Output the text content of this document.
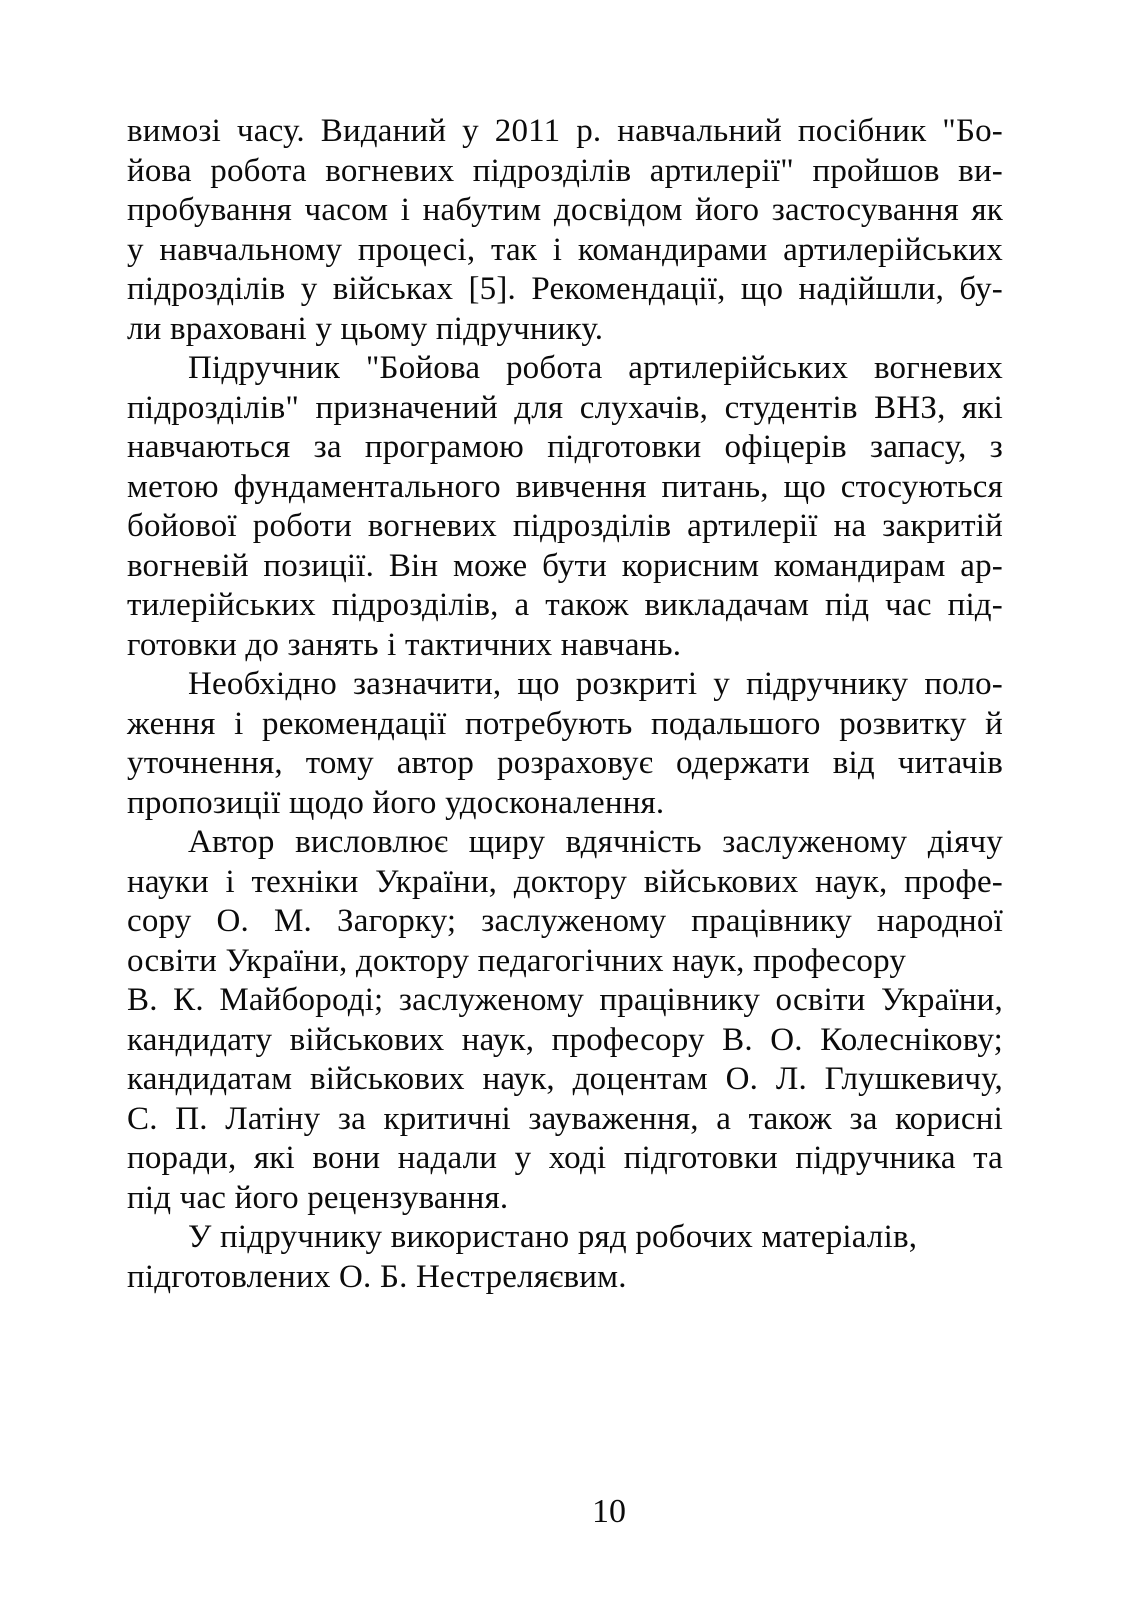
вимозі часу. Виданий у 2011 р. навчальний посібник "Бо-
йова робота вогневих підрозділів артилерії" пройшов ви-
пробування часом і набутим досвідом його застосування як
у навчальному процесі, так і командирами артилерійських
підрозділів у військах [5]. Рекомендації, що надійшли, бу-
ли враховані у цьому підручнику.
Підручник "Бойова робота артилерійських вогневих
підрозділів" призначений для слухачів, студентів ВНЗ, які
навчаються за програмою підготовки офіцерів запасу, з
метою фундаментального вивчення питань, що стосуються
бойової роботи вогневих підрозділів артилерії на закритій
вогневій позиції. Він може бути корисним командирам ар-
тилерійських підрозділів, а також викладачам під час під-
готовки до занять і тактичних навчань.
Необхідно зазначити, що розкриті у підручнику поло-
ження і рекомендації потребують подальшого розвитку й
уточнення, тому автор розраховує одержати від читачів
пропозиції щодо його удосконалення.
Автор висловлює щиру вдячність заслуженому діячу
науки і техніки України, доктору військових наук, профе-
сору О. М. Загорку; заслуженому працівнику народної
освіти України, доктору педагогічних наук, професору
В. К. Майбороді; заслуженому працівнику освіти України,
кандидату військових наук, професору В. О. Колеснікову;
кандидатам військових наук, доцентам О. Л. Глушкевичу,
С. П. Латіну за критичні зауваження, а також за корисні
поради, які вони надали у ході підготовки підручника та
під час його рецензування.
У підручнику використано ряд робочих матеріалів,
підготовлених О. Б. Нестреляєвим.
10
